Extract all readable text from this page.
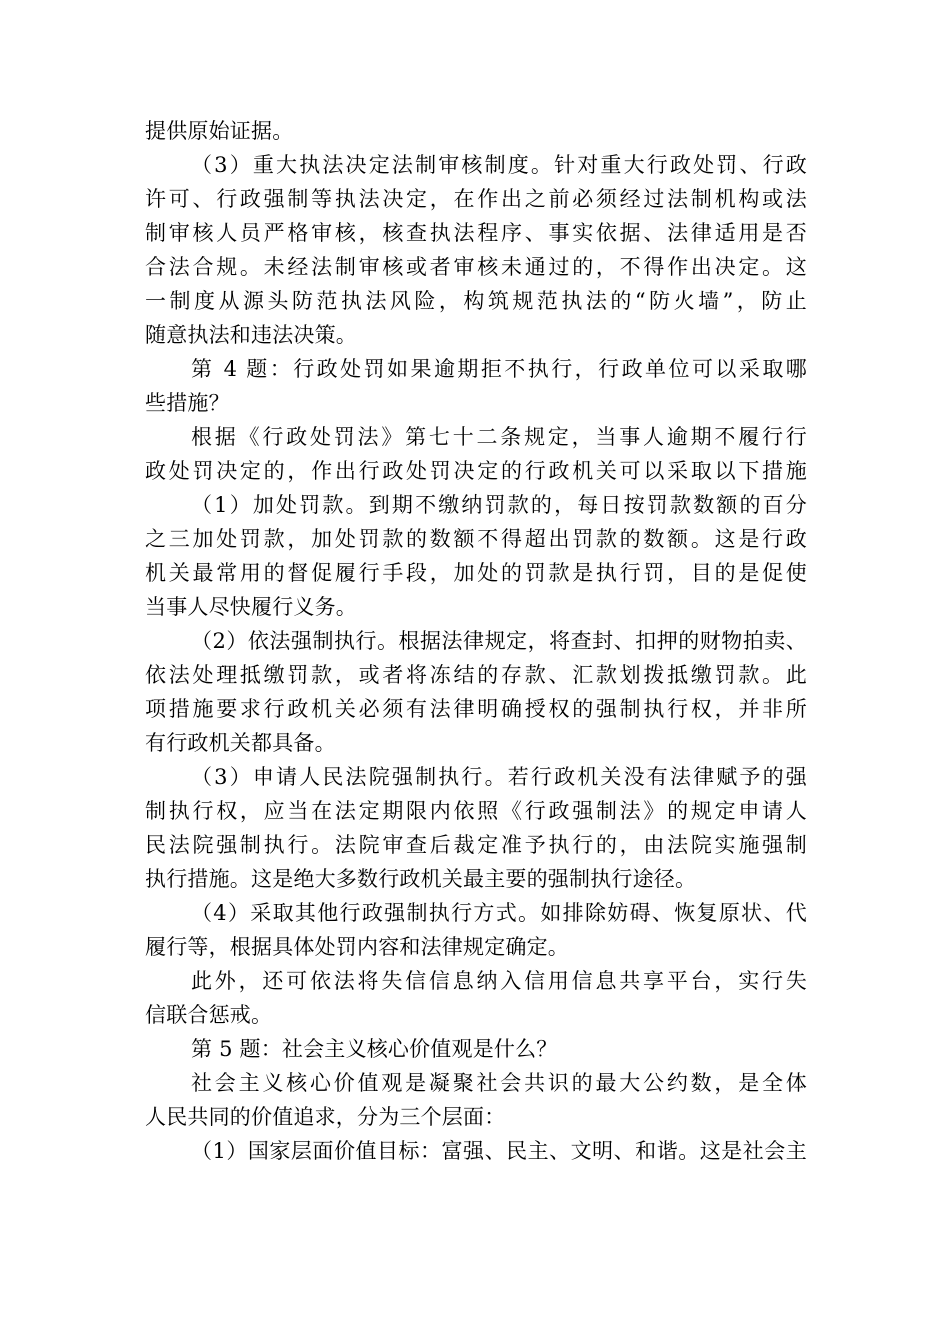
提供原始证据。
（3）重大执法决定法制审核制度。针对重大行政处罚、行政
许可、行政强制等执法决定，在作出之前必须经过法制机构或法
制审核人员严格审核，核查执法程序、事实依据、法律适用是否
合法合规。未经法制审核或者审核未通过的，不得作出决定。这
一制度从源头防范执法风险，构筑规范执法的“防火墙”，防止
随意执法和违法决策。
第 4 题：行政处罚如果逾期拒不执行，行政单位可以采取哪
些措施？
根据《行政处罚法》第七十二条规定，当事人逾期不履行行
政处罚决定的，作出行政处罚决定的行政机关可以采取以下措施
（1）加处罚款。到期不缴纳罚款的，每日按罚款数额的百分
之三加处罚款，加处罚款的数额不得超出罚款的数额。这是行政
机关最常用的督促履行手段，加处的罚款是执行罚，目的是促使
当事人尽快履行义务。
（2）依法强制执行。根据法律规定，将查封、扣押的财物拍卖、
依法处理抵缴罚款，或者将冻结的存款、汇款划拨抵缴罚款。此
项措施要求行政机关必须有法律明确授权的强制执行权，并非所
有行政机关都具备。
（3）申请人民法院强制执行。若行政机关没有法律赋予的强
制执行权，应当在法定期限内依照《行政强制法》的规定申请人
民法院强制执行。法院审查后裁定准予执行的，由法院实施强制
执行措施。这是绝大多数行政机关最主要的强制执行途径。
（4）采取其他行政强制执行方式。如排除妨碍、恢复原状、代
履行等，根据具体处罚内容和法律规定确定。
此外，还可依法将失信信息纳入信用信息共享平台，实行失
信联合惩戒。
第 5 题：社会主义核心价值观是什么？
社会主义核心价值观是凝聚社会共识的最大公约数，是全体
人民共同的价值追求，分为三个层面：
（1）国家层面价值目标：富强、民主、文明、和谐。这是社会主
